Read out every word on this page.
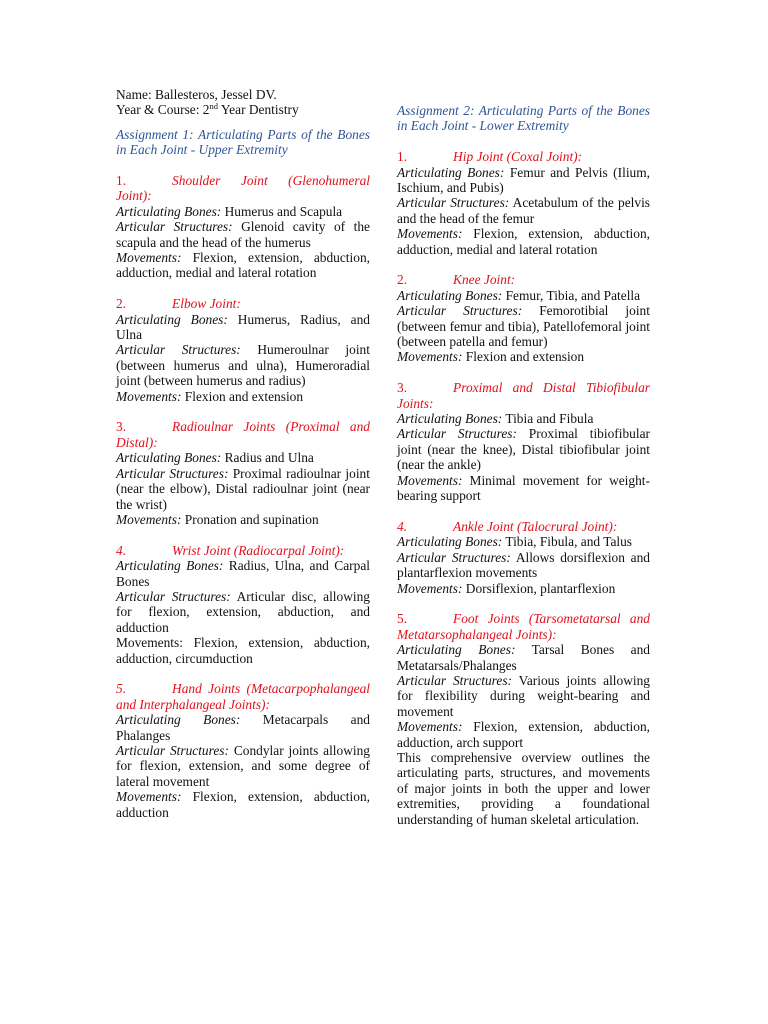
Name: Ballesteros, Jessel DV.
Year & Course: 2nd Year Dentistry

Assignment 1: Articulating Parts of the Bones in Each Joint - Upper Extremity

1.	Shoulder Joint (Glenohumeral Joint):

Articulating Bones: Humerus and Scapula

Articular Structures: Glenoid cavity of the scapula and the head of the humerus

Movements: Flexion, extension, abduction, adduction, medial and lateral rotation

2.	Elbow Joint:

Articulating Bones: Humerus, Radius, and Ulna

Articular Structures: Humeroulnar joint (between humerus and ulna), Humeroradial joint (between humerus and radius)

Movements: Flexion and extension

3.	Radioulnar Joints (Proximal and Distal):

Articulating Bones: Radius and Ulna

Articular Structures: Proximal radioulnar joint (near the elbow), Distal radioulnar joint (near the wrist)

Movements: Pronation and supination

4.	Wrist Joint (Radiocarpal Joint):

Articulating Bones: Radius, Ulna, and Carpal Bones

Articular Structures: Articular disc, allowing for flexion, extension, abduction, and adduction

Movements: Flexion, extension, abduction, adduction, circumduction

5.	Hand Joints (Metacarpophalangeal and Interphalangeal Joints):

Articulating Bones: Metacarpals and Phalanges

Articular Structures: Condylar joints allowing for flexion, extension, and some degree of lateral movement

Movements: Flexion, extension, abduction, adduction

Assignment 2: Articulating Parts of the Bones in Each Joint - Lower Extremity

1.	Hip Joint (Coxal Joint):

Articulating Bones: Femur and Pelvis (Ilium, Ischium, and Pubis)

Articular Structures: Acetabulum of the pelvis and the head of the femur

Movements: Flexion, extension, abduction, adduction, medial and lateral rotation

2.	Knee Joint:

Articulating Bones: Femur, Tibia, and Patella

Articular Structures: Femorotibial joint (between femur and tibia), Patellofemoral joint (between patella and femur)

Movements: Flexion and extension

3.	Proximal and Distal Tibiofibular Joints:

Articulating Bones: Tibia and Fibula

Articular Structures: Proximal tibiofibular joint (near the knee), Distal tibiofibular joint (near the ankle)

Movements: Minimal movement for weight-bearing support

4.	Ankle Joint (Talocrural Joint):

Articulating Bones: Tibia, Fibula, and Talus

Articular Structures: Allows dorsiflexion and plantarflexion movements

Movements: Dorsiflexion, plantarflexion

5.	Foot Joints (Tarsometatarsal and Metatarsophalangeal Joints):

Articulating Bones: Tarsal Bones and Metatarsals/Phalanges

Articular Structures: Various joints allowing for flexibility during weight-bearing and movement

Movements: Flexion, extension, abduction, adduction, arch support

This comprehensive overview outlines the articulating parts, structures, and movements of major joints in both the upper and lower extremities, providing a foundational understanding of human skeletal articulation.
